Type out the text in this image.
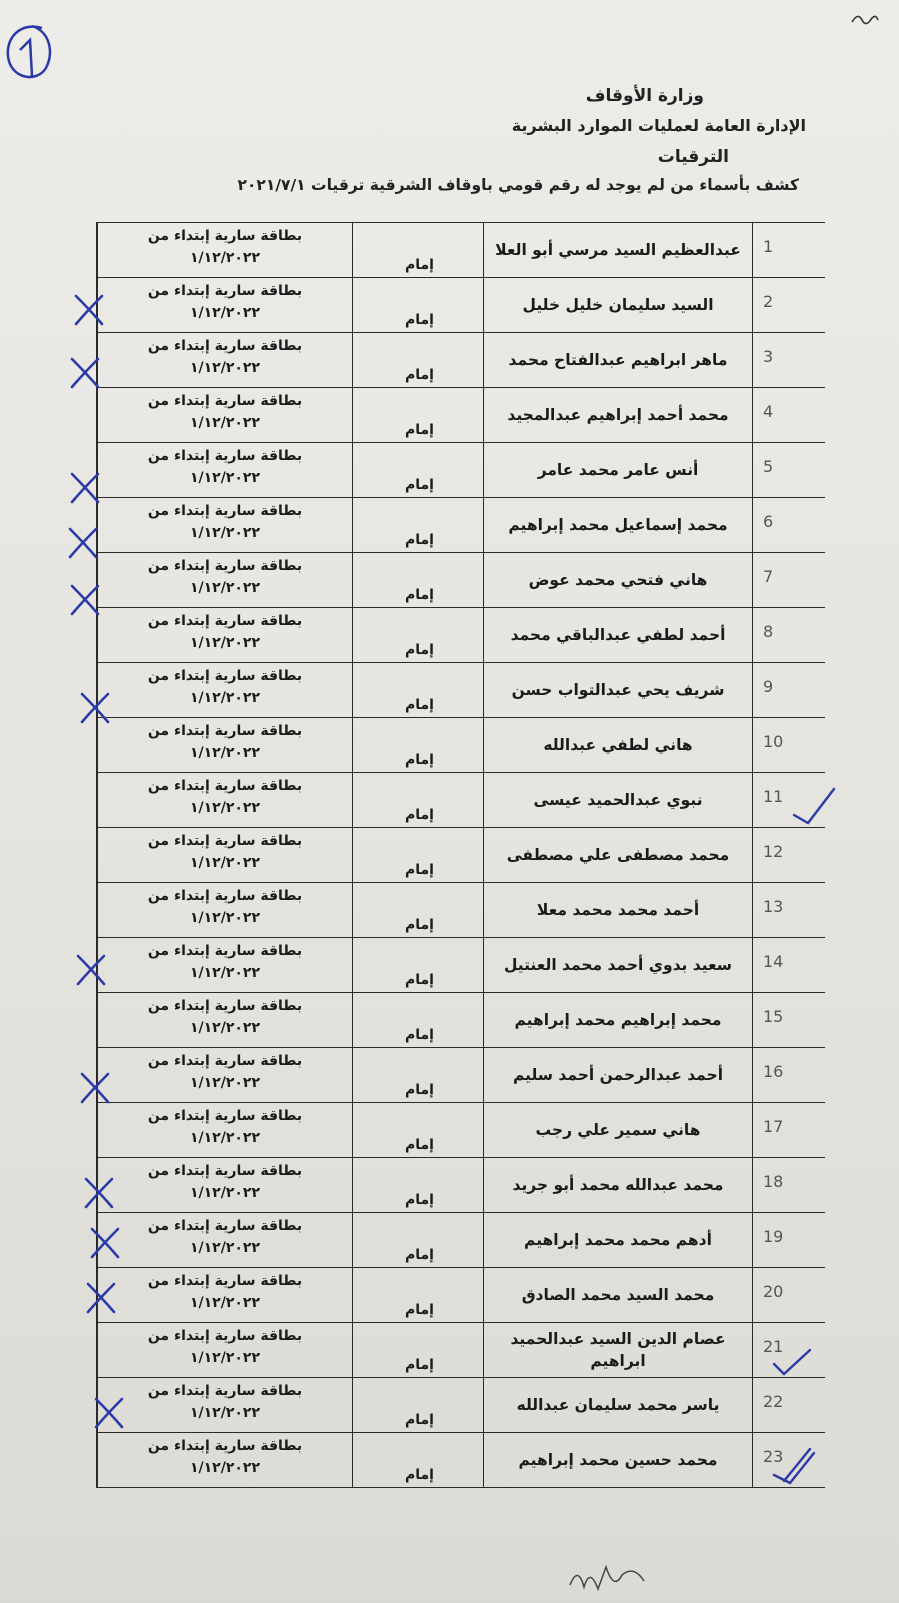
وزارة الأوقاف
الإدارة العامة لعمليات الموارد البشرية
الترقيات
كشف بأسماء من لم يوجد له رقم قومي باوقاف الشرقية ترقيات ٢٠٢١/٧/١
1
عبدالعظيم السيد مرسي أبو العلا
إمام
بطاقة سارية إبتداء من
١/١٢/٢٠٢٢
2
السيد سليمان خليل خليل
إمام
بطاقة سارية إبتداء من
١/١٢/٢٠٢٢
3
ماهر ابراهيم عبدالفتاح محمد
إمام
بطاقة سارية إبتداء من
١/١٢/٢٠٢٢
4
محمد أحمد إبراهيم عبدالمجيد
إمام
بطاقة سارية إبتداء من
١/١٢/٢٠٢٢
5
أنس عامر محمد عامر
إمام
بطاقة سارية إبتداء من
١/١٢/٢٠٢٢
6
محمد إسماعيل محمد إبراهيم
إمام
بطاقة سارية إبتداء من
١/١٢/٢٠٢٢
7
هاني فتحي محمد عوض
إمام
بطاقة سارية إبتداء من
١/١٢/٢٠٢٢
8
أحمد لطفي عبدالباقي محمد
إمام
بطاقة سارية إبتداء من
١/١٢/٢٠٢٢
9
شريف يحي عبدالتواب حسن
إمام
بطاقة سارية إبتداء من
١/١٢/٢٠٢٢
10
هاني لطفي عبدالله
إمام
بطاقة سارية إبتداء من
١/١٢/٢٠٢٢
11
نبوي عبدالحميد عيسى
إمام
بطاقة سارية إبتداء من
١/١٢/٢٠٢٢
12
محمد مصطفى علي مصطفى
إمام
بطاقة سارية إبتداء من
١/١٢/٢٠٢٢
13
أحمد محمد محمد معلا
إمام
بطاقة سارية إبتداء من
١/١٢/٢٠٢٢
14
سعيد بدوي أحمد محمد العنتيل
إمام
بطاقة سارية إبتداء من
١/١٢/٢٠٢٢
15
محمد إبراهيم محمد إبراهيم
إمام
بطاقة سارية إبتداء من
١/١٢/٢٠٢٢
16
أحمد عبدالرحمن أحمد سليم
إمام
بطاقة سارية إبتداء من
١/١٢/٢٠٢٢
17
هاني سمير علي رجب
إمام
بطاقة سارية إبتداء من
١/١٢/٢٠٢٢
18
محمد عبدالله محمد أبو جريد
إمام
بطاقة سارية إبتداء من
١/١٢/٢٠٢٢
19
أدهم محمد محمد إبراهيم
إمام
بطاقة سارية إبتداء من
١/١٢/٢٠٢٢
20
محمد السيد محمد الصادق
إمام
بطاقة سارية إبتداء من
١/١٢/٢٠٢٢
21
عصام الدين السيد عبدالحميد ابراهيم
إمام
بطاقة سارية إبتداء من
١/١٢/٢٠٢٢
22
ياسر محمد سليمان عبدالله
إمام
بطاقة سارية إبتداء من
١/١٢/٢٠٢٢
23
محمد حسين محمد إبراهيم
إمام
بطاقة سارية إبتداء من
١/١٢/٢٠٢٢
